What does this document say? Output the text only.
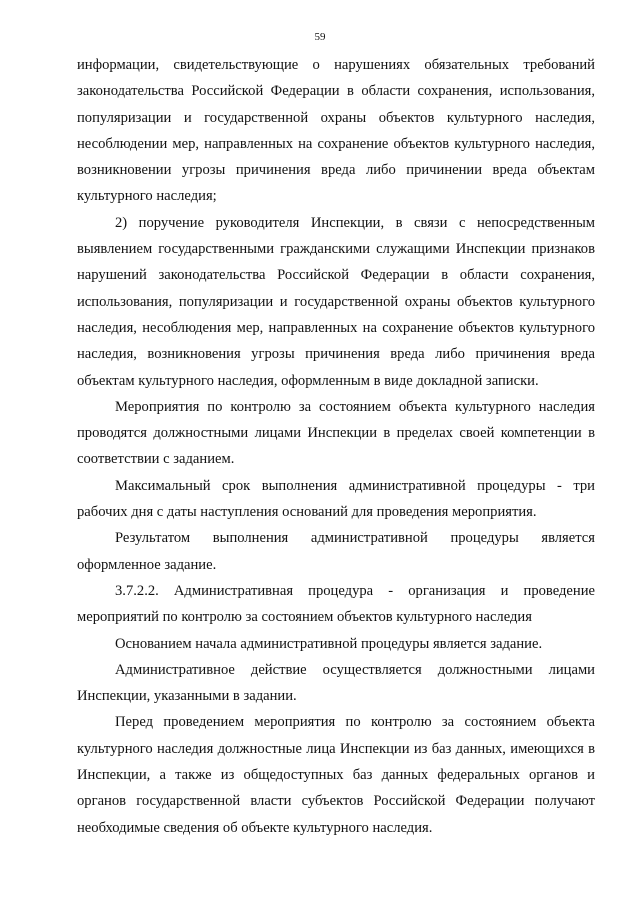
59

информации, свидетельствующие о нарушениях обязательных требований законодательства Российской Федерации в области сохранения, использования, популяризации и государственной охраны объектов культурного наследия, несоблюдении мер, направленных на сохранение объектов культурного наследия, возникновении угрозы причинения вреда либо причинении вреда объектам культурного наследия;

2) поручение руководителя Инспекции, в связи с непосредственным выявлением государственными гражданскими служащими Инспекции признаков нарушений законодательства Российской Федерации в области сохранения, использования, популяризации и государственной охраны объектов культурного наследия, несоблюдения мер, направленных на сохранение объектов культурного наследия, возникновения угрозы причинения вреда либо причинения вреда объектам культурного наследия, оформленным в виде докладной записки.

Мероприятия по контролю за состоянием объекта культурного наследия проводятся должностными лицами Инспекции в пределах своей компетенции в соответствии с заданием.

Максимальный срок выполнения административной процедуры - три рабочих дня с даты наступления оснований для проведения мероприятия.

Результатом выполнения административной процедуры является оформленное задание.

3.7.2.2. Административная процедура - организация и проведение мероприятий по контролю за состоянием объектов культурного наследия

Основанием начала административной процедуры является задание.

Административное действие осуществляется должностными лицами Инспекции, указанными в задании.

Перед проведением мероприятия по контролю за состоянием объекта культурного наследия должностные лица Инспекции из баз данных, имеющихся в Инспекции, а также из общедоступных баз данных федеральных органов и органов государственной власти субъектов Российской Федерации получают необходимые сведения об объекте культурного наследия.
